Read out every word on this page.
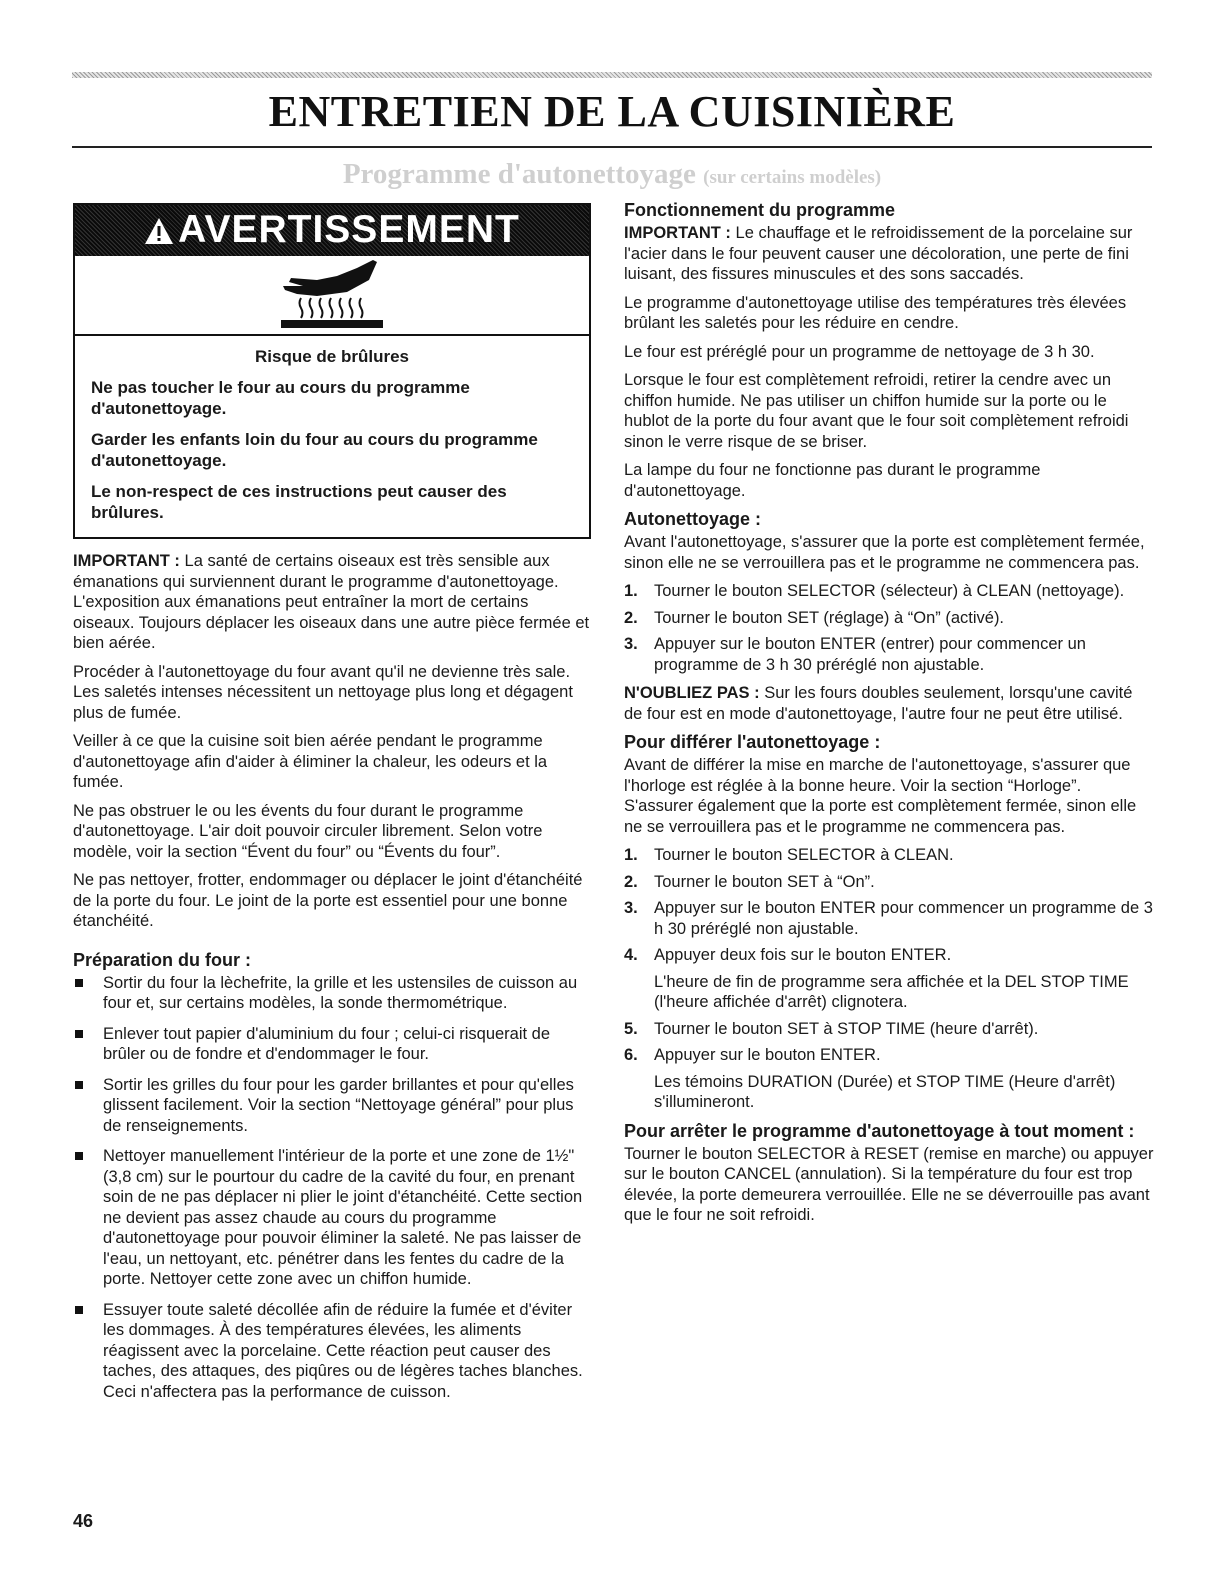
ENTRETIEN DE LA CUISINIÈRE
Programme d'autonettoyage (sur certains modèles)
AVERTISSEMENT

Risque de brûlures

Ne pas toucher le four au cours du programme d'autonettoyage.

Garder les enfants loin du four au cours du programme d'autonettoyage.

Le non-respect de ces instructions peut causer des brûlures.

IMPORTANT : La santé de certains oiseaux est très sensible aux émanations qui surviennent durant le programme d'autonettoyage. L'exposition aux émanations peut entraîner la mort de certains oiseaux. Toujours déplacer les oiseaux dans une autre pièce fermée et bien aérée.

Procéder à l'autonettoyage du four avant qu'il ne devienne très sale. Les saletés intenses nécessitent un nettoyage plus long et dégagent plus de fumée.

Veiller à ce que la cuisine soit bien aérée pendant le programme d'autonettoyage afin d'aider à éliminer la chaleur, les odeurs et la fumée.

Ne pas obstruer le ou les évents du four durant le programme d'autonettoyage. L'air doit pouvoir circuler librement. Selon votre modèle, voir la section “Évent du four” ou “Évents du four”.

Ne pas nettoyer, frotter, endommager ou déplacer le joint d'étanchéité de la porte du four. Le joint de la porte est essentiel pour une bonne étanchéité.

Préparation du four :
Sortir du four la lèchefrite, la grille et les ustensiles de cuisson au four et, sur certains modèles, la sonde thermométrique.
Enlever tout papier d'aluminium du four ; celui-ci risquerait de brûler ou de fondre et d'endommager le four.
Sortir les grilles du four pour les garder brillantes et pour qu'elles glissent facilement. Voir la section “Nettoyage général” pour plus de renseignements.
Nettoyer manuellement l'intérieur de la porte et une zone de 1½" (3,8 cm) sur le pourtour du cadre de la cavité du four, en prenant soin de ne pas déplacer ni plier le joint d'étanchéité. Cette section ne devient pas assez chaude au cours du programme d'autonettoyage pour pouvoir éliminer la saleté. Ne pas laisser de l'eau, un nettoyant, etc. pénétrer dans les fentes du cadre de la porte. Nettoyer cette zone avec un chiffon humide.
Essuyer toute saleté décollée afin de réduire la fumée et d'éviter les dommages. À des températures élevées, les aliments réagissent avec la porcelaine. Cette réaction peut causer des taches, des attaques, des piqûres ou de légères taches blanches. Ceci n'affectera pas la performance de cuisson.
Fonctionnement du programme

IMPORTANT : Le chauffage et le refroidissement de la porcelaine sur l'acier dans le four peuvent causer une décoloration, une perte de fini luisant, des fissures minuscules et des sons saccadés.

Le programme d'autonettoyage utilise des températures très élevées brûlant les saletés pour les réduire en cendre.

Le four est préréglé pour un programme de nettoyage de 3 h 30.

Lorsque le four est complètement refroidi, retirer la cendre avec un chiffon humide. Ne pas utiliser un chiffon humide sur la porte ou le hublot de la porte du four avant que le four soit complètement refroidi sinon le verre risque de se briser.

La lampe du four ne fonctionne pas durant le programme d'autonettoyage.

Autonettoyage :

Avant l'autonettoyage, s'assurer que la porte est complètement fermée, sinon elle ne se verrouillera pas et le programme ne commencera pas.

1. Tourner le bouton SELECTOR (sélecteur) à CLEAN (nettoyage).
2. Tourner le bouton SET (réglage) à “On” (activé).
3. Appuyer sur le bouton ENTER (entrer) pour commencer un programme de 3 h 30 préréglé non ajustable.

N'OUBLIEZ PAS : Sur les fours doubles seulement, lorsqu'une cavité de four est en mode d'autonettoyage, l'autre four ne peut être utilisé.

Pour différer l'autonettoyage :

Avant de différer la mise en marche de l'autonettoyage, s'assurer que l'horloge est réglée à la bonne heure. Voir la section “Horloge”. S'assurer également que la porte est complètement fermée, sinon elle ne se verrouillera pas et le programme ne commencera pas.

1. Tourner le bouton SELECTOR à CLEAN.
2. Tourner le bouton SET à “On”.
3. Appuyer sur le bouton ENTER pour commencer un programme de 3 h 30 préréglé non ajustable.
4. Appuyer deux fois sur le bouton ENTER.
L'heure de fin de programme sera affichée et la DEL STOP TIME (l'heure affichée d'arrêt) clignotera.
5. Tourner le bouton SET à STOP TIME (heure d'arrêt).
6. Appuyer sur le bouton ENTER.
Les témoins DURATION (Durée) et STOP TIME (Heure d'arrêt) s'illumineront.
Pour arrêter le programme d'autonettoyage à tout moment :

Tourner le bouton SELECTOR à RESET (remise en marche) ou appuyer sur le bouton CANCEL (annulation). Si la température du four est trop élevée, la porte demeurera verrouillée. Elle ne se déverrouille pas avant que le four ne soit refroidi.

46
